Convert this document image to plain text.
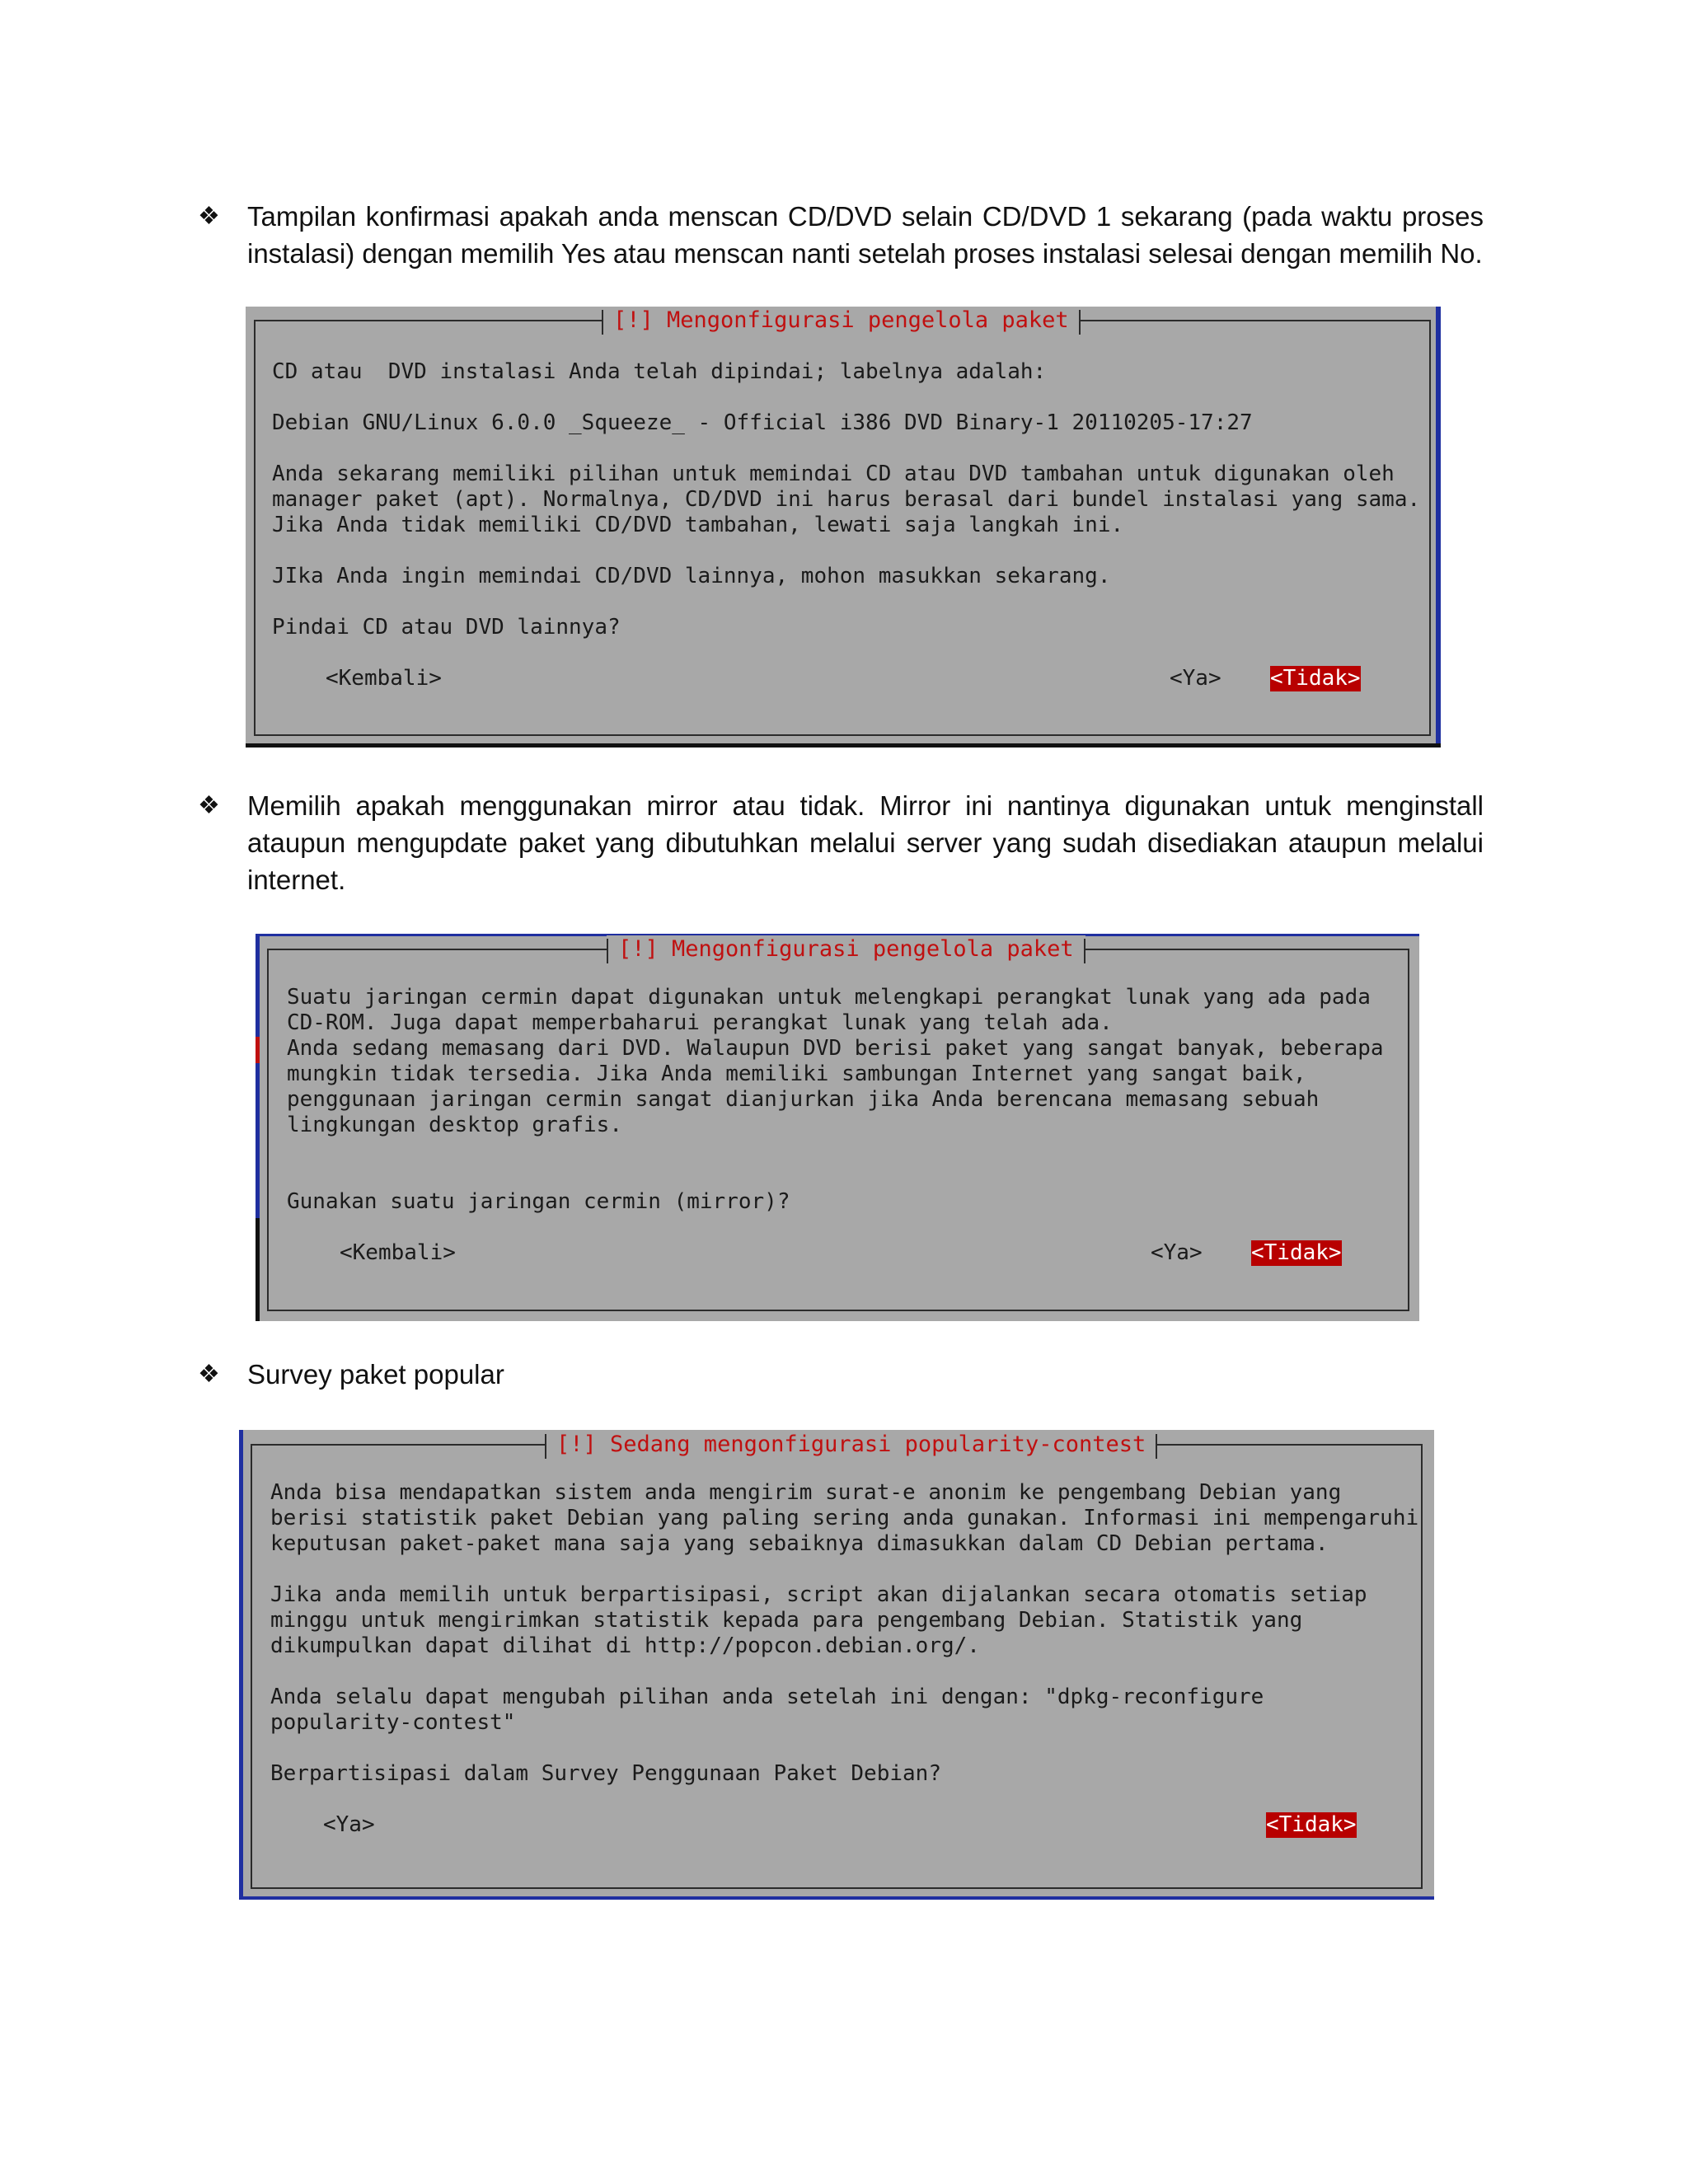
❖ Tampilan konfirmasi apakah anda menscan CD/DVD selain CD/DVD 1 sekarang (pada waktu proses instalasi) dengan memilih Yes atau menscan nanti setelah proses instalasi selesai dengan memilih No.
[!] Mengonfigurasi pengelola paket
CD atau  DVD instalasi Anda telah dipindai; labelnya adalah:
Debian GNU/Linux 6.0.0 _Squeeze_ - Official i386 DVD Binary-1 20110205-17:27
Anda sekarang memiliki pilihan untuk memindai CD atau DVD tambahan untuk digunakan oleh
manager paket (apt). Normalnya, CD/DVD ini harus berasal dari bundel instalasi yang sama.
Jika Anda tidak memiliki CD/DVD tambahan, lewati saja langkah ini.
JIka Anda ingin memindai CD/DVD lainnya, mohon masukkan sekarang.
Pindai CD atau DVD lainnya?
<Kembali>	<Ya> <Tidak>
❖ Memilih apakah menggunakan mirror atau tidak. Mirror ini nantinya digunakan untuk menginstall ataupun mengupdate paket yang dibutuhkan melalui server yang sudah disediakan ataupun melalui internet.
[!] Mengonfigurasi pengelola paket
Suatu jaringan cermin dapat digunakan untuk melengkapi perangkat lunak yang ada pada
CD-ROM. Juga dapat memperbaharui perangkat lunak yang telah ada.
Anda sedang memasang dari DVD. Walaupun DVD berisi paket yang sangat banyak, beberapa
mungkin tidak tersedia. Jika Anda memiliki sambungan Internet yang sangat baik,
penggunaan jaringan cermin sangat dianjurkan jika Anda berencana memasang sebuah
lingkungan desktop grafis.
Gunakan suatu jaringan cermin (mirror)?
<Kembali>	<Ya> <Tidak>
❖ Survey paket popular
[!] Sedang mengonfigurasi popularity-contest
Anda bisa mendapatkan sistem anda mengirim surat-e anonim ke pengembang Debian yang
berisi statistik paket Debian yang paling sering anda gunakan. Informasi ini mempengaruhi
keputusan paket-paket mana saja yang sebaiknya dimasukkan dalam CD Debian pertama.
Jika anda memilih untuk berpartisipasi, script akan dijalankan secara otomatis setiap
minggu untuk mengirimkan statistik kepada para pengembang Debian. Statistik yang
dikumpulkan dapat dilihat di http://popcon.debian.org/.
Anda selalu dapat mengubah pilihan anda setelah ini dengan: "dpkg-reconfigure
popularity-contest"
Berpartisipasi dalam Survey Penggunaan Paket Debian?
<Ya>	<Tidak>
